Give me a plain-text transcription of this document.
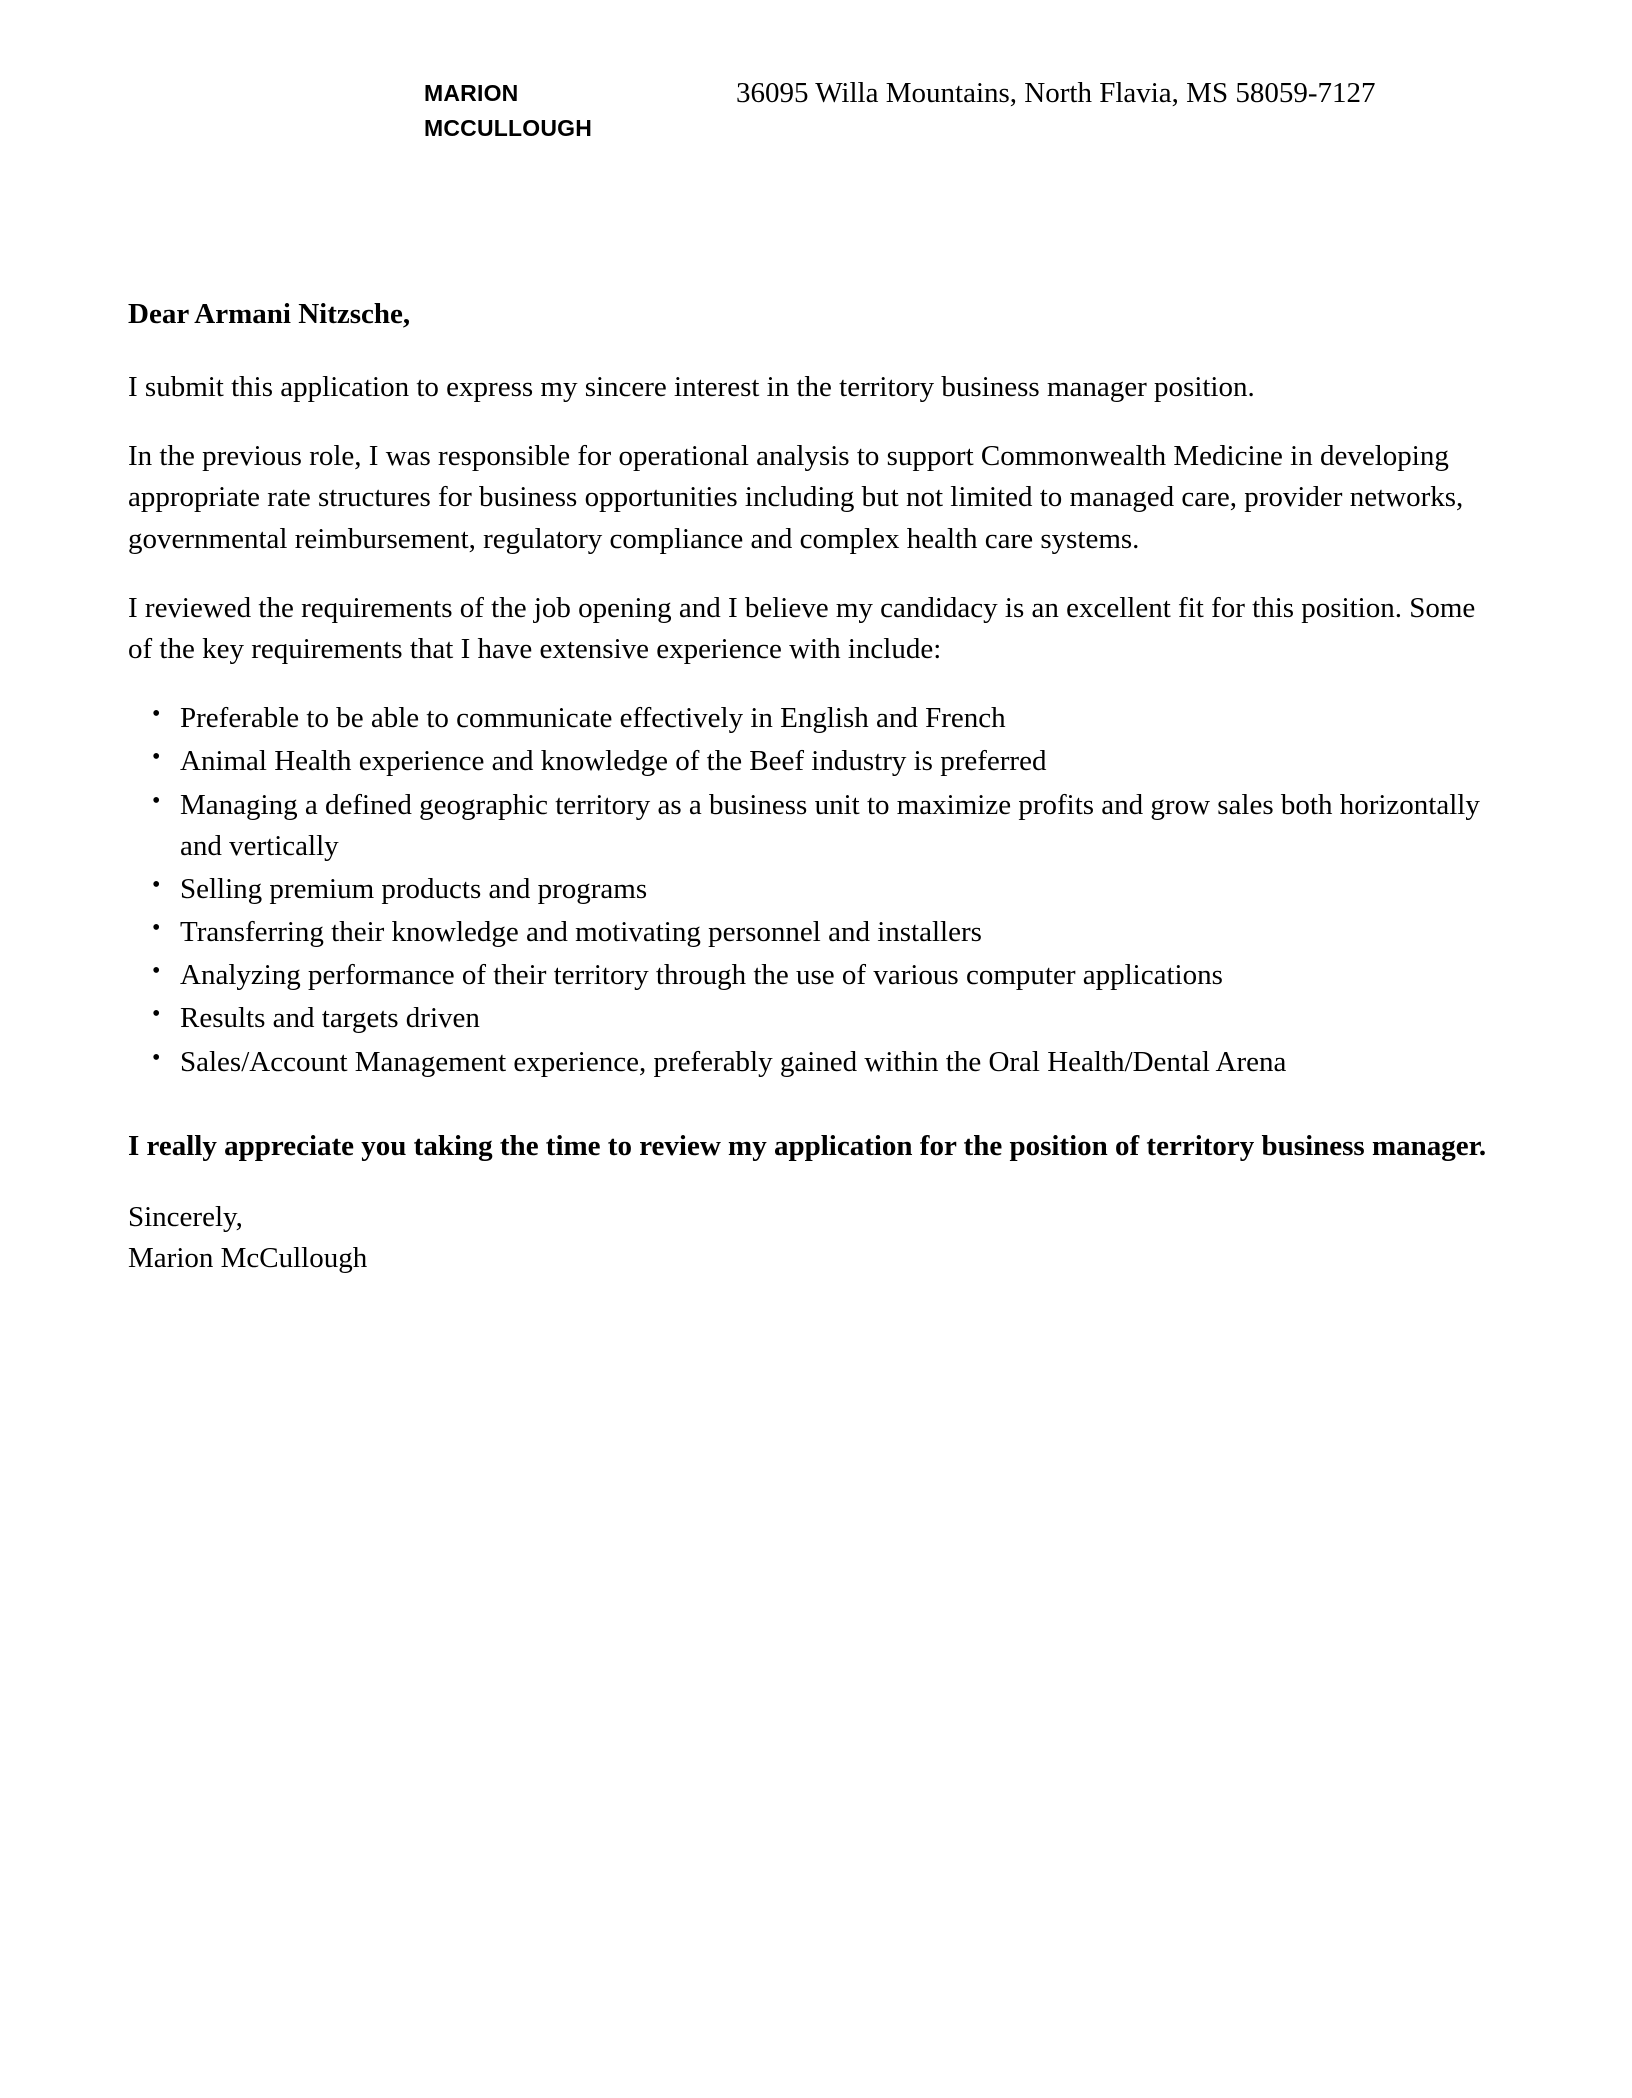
MARION MCCULLOUGH
36095 Willa Mountains, North Flavia, MS 58059-7127

Dear Armani Nitzsche,

I submit this application to express my sincere interest in the territory business manager position.

In the previous role, I was responsible for operational analysis to support Commonwealth Medicine in developing appropriate rate structures for business opportunities including but not limited to managed care, provider networks, governmental reimbursement, regulatory compliance and complex health care systems.

I reviewed the requirements of the job opening and I believe my candidacy is an excellent fit for this position. Some of the key requirements that I have extensive experience with include:

• Preferable to be able to communicate effectively in English and French
• Animal Health experience and knowledge of the Beef industry is preferred
• Managing a defined geographic territory as a business unit to maximize profits and grow sales both horizontally and vertically
• Selling premium products and programs
• Transferring their knowledge and motivating personnel and installers
• Analyzing performance of their territory through the use of various computer applications
• Results and targets driven
• Sales/Account Management experience, preferably gained within the Oral Health/Dental Arena

I really appreciate you taking the time to review my application for the position of territory business manager.

Sincerely,
Marion McCullough
